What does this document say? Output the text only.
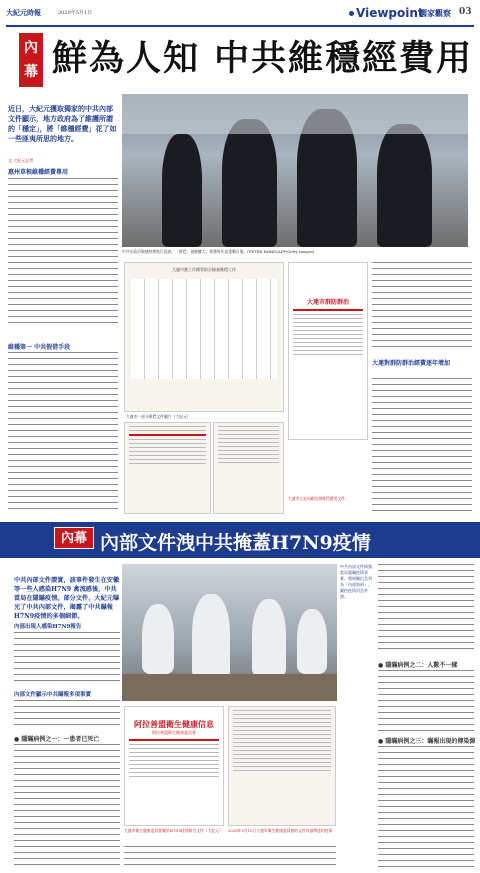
大紀元時報	2020年5月1日	Viewpoint
國家觀察 03
內幕 鮮為人知 中共維穩經費用
近日，大紀元獲取獨家的中共內部文件顯示，地方政府為了維護所謂的「穩定」，將「維穩經費」花了如一些匪夷所思的地方。
文 大紀元記者
惠州草根維穩經費專用
維穩第一 中共假借手段
中共在政治敏感時期進行巡查，「維穩」規模擴大；經費每年高達數百億。(PETER PARKS/AFP/Getty Images)
大連市黨工作總管綜合檢查維穩工作
大連市一部分維穩文件圖片（大紀元）
大連市群防群治
大連市公安局網信辦維穩費用文件。
大連對群防群治經費逐年增加
內幕 內部文件洩中共掩蓋H7N9疫情
中共內部文件證實，該事件發生在安徽等一些人感染H7N9 禽流感後，中共當局在隱瞞疫情。部分文件，大紀元曝光了中共內部文件，揭露了中共瞞報H7N9疫情的多個細節。
內部出現人感染H7N9報告
內部文件顯示中共瞞報多項事實
● 隱瞞病例之一：一患者已死亡
中共內部文件揭露當局隱瞞疫情事實，將相關信息列為「內部資料」，嚴控疫情消息外洩。
阿拉善盟衛生健康信息
阿拉善盟衛生健康委員會
大連市衛生健康委員會關於H7N9疫情報告文件（大紀元）	2020年5月10日大連市衛生健康委員會的文件內部傳達的疫情
● 隱瞞病例之二：人數不一樣
● 隱瞞病例之三：瞞報出現的傳染源
